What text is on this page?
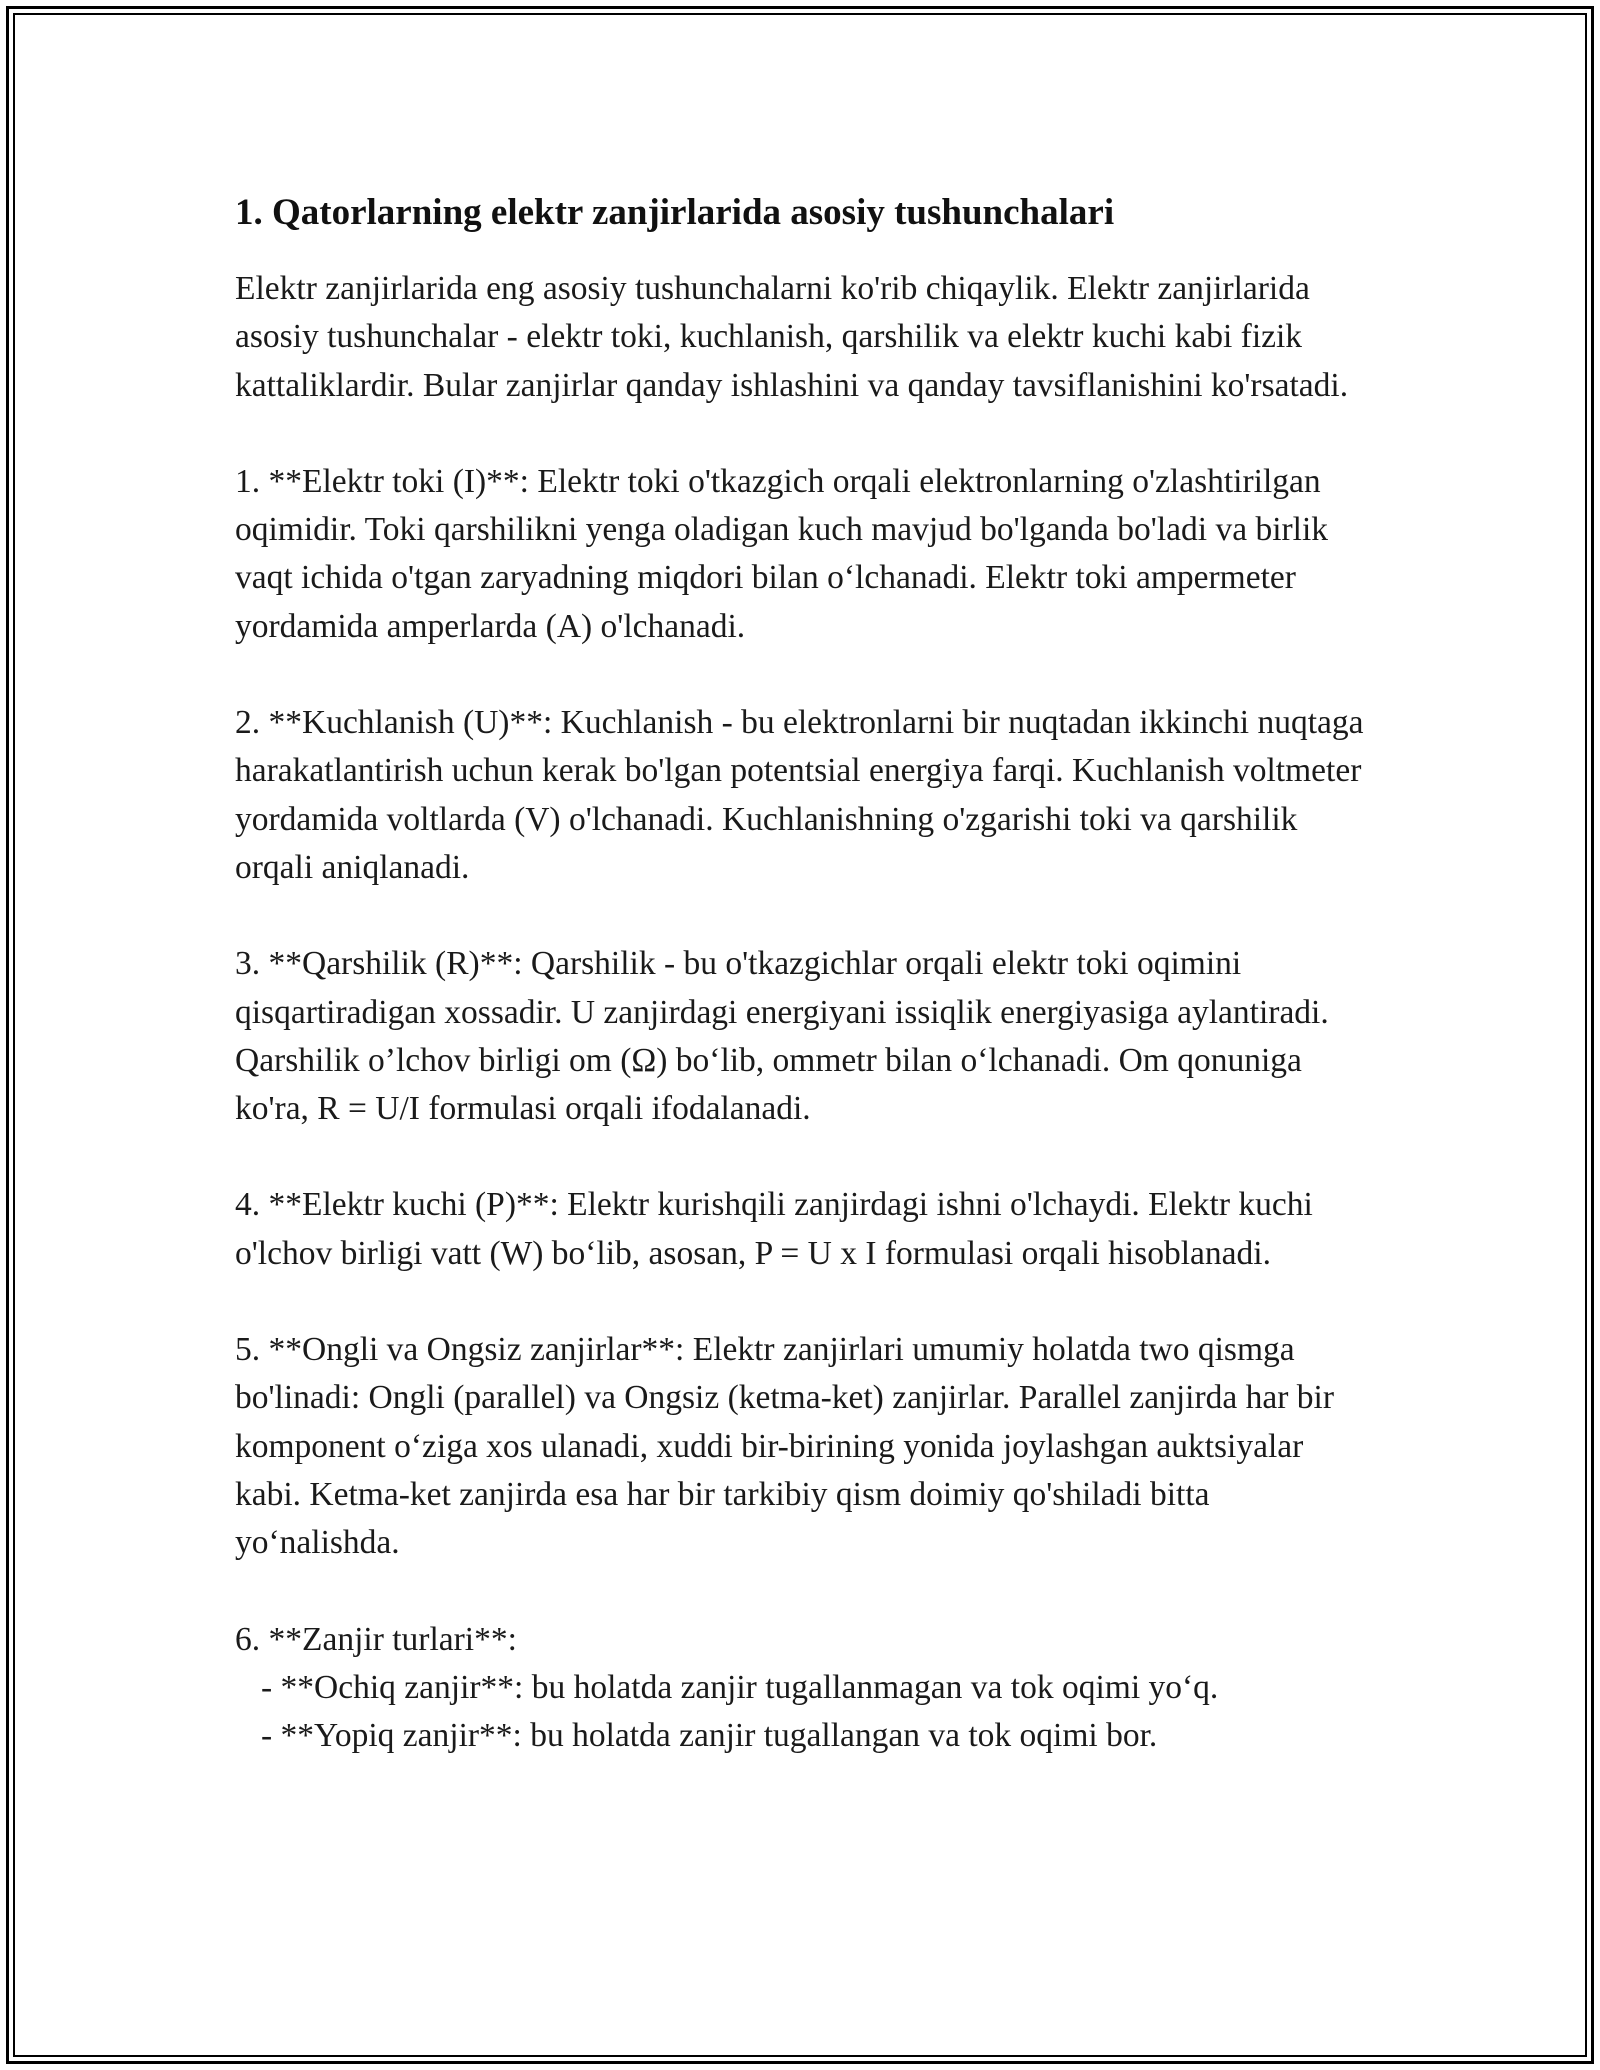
1. Qatorlarning elektr zanjirlarida asosiy tushunchalari

Elektr zanjirlarida eng asosiy tushunchalarni ko'rib chiqaylik. Elektr zanjirlarida asosiy tushunchalar - elektr toki, kuchlanish, qarshilik va elektr kuchi kabi fizik kattaliklardir. Bular zanjirlar qanday ishlashini va qanday tavsiflanishini ko'rsatadi.

1. **Elektr toki (I)**: Elektr toki o'tkazgich orqali elektronlarning o'zlashtirilgan oqimidir. Toki qarshilikni yenga oladigan kuch mavjud bo'lganda bo'ladi va birlik vaqt ichida o'tgan zaryadning miqdori bilan o‘lchanadi. Elektr toki ampermeter yordamida amperlarda (A) o'lchanadi.

2. **Kuchlanish (U)**: Kuchlanish - bu elektronlarni bir nuqtadan ikkinchi nuqtaga harakatlantirish uchun kerak bo'lgan potentsial energiya farqi. Kuchlanish voltmeter yordamida voltlarda (V) o'lchanadi. Kuchlanishning o'zgarishi toki va qarshilik orqali aniqlanadi.

3. **Qarshilik (R)**: Qarshilik - bu o'tkazgichlar orqali elektr toki oqimini qisqartiradigan xossadir. U zanjirdagi energiyani issiqlik energiyasiga aylantiradi. Qarshilik o’lchov birligi om (Ω) bo‘lib, ommetr bilan o‘lchanadi. Om qonuniga ko'ra, R = U/I formulasi orqali ifodalanadi.

4. **Elektr kuchi (P)**: Elektr kurishqili zanjirdagi ishni o'lchaydi. Elektr kuchi o'lchov birligi vatt (W) bo‘lib, asosan, P = U x I formulasi orqali hisoblanadi.

5. **Ongli va Ongsiz zanjirlar**: Elektr zanjirlari umumiy holatda two qismga bo'linadi: Ongli (parallel) va Ongsiz (ketma-ket) zanjirlar. Parallel zanjirda har bir komponent o‘ziga xos ulanadi, xuddi bir-birining yonida joylashgan auktsiyalar kabi. Ketma-ket zanjirda esa har bir tarkibiy qism doimiy qo'shiladi bitta yo‘nalishda.

6. **Zanjir turlari**:
- **Ochiq zanjir**: bu holatda zanjir tugallanmagan va tok oqimi yo‘q.
- **Yopiq zanjir**: bu holatda zanjir tugallangan va tok oqimi bor.
